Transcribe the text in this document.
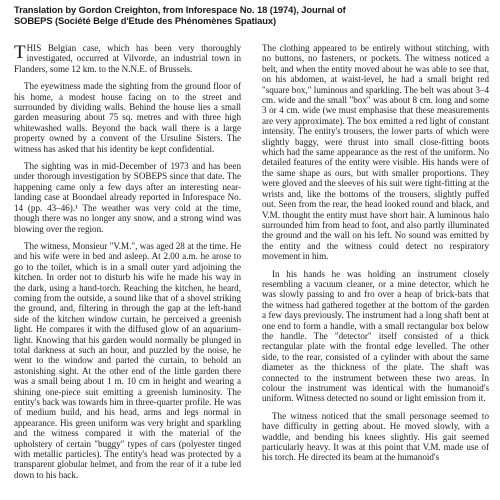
Translation by Gordon Creighton, from Inforespace No. 18 (1974), Journal of
SOBEPS (Société Belge d'Etude des Phénomènes Spatiaux)

THIS Belgian case, which has been very thoroughly investigated, occurred at Vilvorde, an industrial town in Flanders, some 12 km. to the N.N.E. of Brussels.

The eyewitness made the sighting from the ground floor of his home, a modest house facing on to the street and surrounded by dividing walls. Behind the house lies a small garden measuring about 75 sq. metres and with three high whitewashed walls. Beyond the back wall there is a large property owned by a convent of the Ursuline Sisters. The witness has asked that his identity be kept confidential.

The sighting was in mid-December of 1973 and has been under thorough investigation by SOBEPS since that date. The happening came only a few days after an interesting near-landing case at Boondael already reported in Inforespace No. 14 (pp. 43–46).¹ The weather was very cold at the time, though there was no longer any snow, and a strong wind was blowing over the region.

The witness, Monsieur "V.M.", was aged 28 at the time. He and his wife were in bed and asleep. At 2.00 a.m. he arose to go to the toilet, which is in a small outer yard adjoining the kitchen. In order not to disturb his wife he made his way in the dark, using a hand-torch. Reaching the kitchen, he heard, coming from the outside, a sound like that of a shovel striking the ground, and, filtering in through the gap at the left-hand side of the kitchen window curtain, he perceived a greenish light. He compares it with the diffused glow of an aquarium-light. Knowing that his garden would normally be plunged in total darkness at such an hour, and puzzled by the noise, he went to the window and parted the curtain, to behold an astonishing sight. At the other end of the little garden there was a small being about 1 m. 10 cm in height and wearing a shining one-piece suit emitting a greenish luminosity. The entity's back was towards him in three-quarter profile. He was of medium build, and his head, arms and legs normal in appearance. His green uniform was very bright and sparkling and the witness compared it with the material of the upholstery of certain "buggy" types of cars (polyester tinged with metallic particles). The entity's head was protected by a transparent globular helmet, and from the rear of it a tube led down to his back.

The clothing appeared to be entirely without stitching, with no buttons, no fasteners, or pockets. The witness noticed a belt, and when the entity moved about he was able to see that, on his abdomen, at waist-level, he had a small bright red "square box," luminous and sparkling. The belt was about 3–4 cm. wide and the small "box" was about 8 cm. long and some 3 or 4 cm. wide (we must emphasise that these measurements are very approximate). The box emitted a red light of constant intensity. The entity's trousers, the lower parts of which were slightly baggy, were thrust into small close-fitting boots which had the same appearance as the rest of the uniform. No detailed features of the entity were visible. His hands were of the same shape as ours, but with smaller proportions. They were gloved and the sleeves of his suit were tight-fitting at the wrists and, like the bottoms of the trousers, slightly puffed out. Seen from the rear, the head looked round and black, and V.M. thought the entity must have short hair. A luminous halo surrounded him from head to foot, and also partly illuminated the ground and the wall on his left. No sound was emitted by the entity and the witness could detect no respiratory movement in him.

In his hands he was holding an instrument closely resembling a vacuum cleaner, or a mine detector, which he was slowly passing to and fro over a heap of brick-bats that the witness had gathered together at the bottom of the garden a few days previously. The instrument had a long shaft bent at one end to form a handle, with a small rectangular box below the handle. The "detector" itself consisted of a thick rectangular plate with the frontal edge levelled. The other side, to the rear, consisted of a cylinder with about the same diameter as the thickness of the plate. The shaft was connected to the instrument between these two areas. In colour the instrument was identical with the humanoid's uniform. Witness detected no sound or light emission from it.

The witness noticed that the small personage seemed to have difficulty in getting about. He moved slowly, with a waddle, and bending his knees slightly. His gait seemed particularly heavy. It was at this point that V.M. made use of his torch. He directed its beam at the humanoid's
